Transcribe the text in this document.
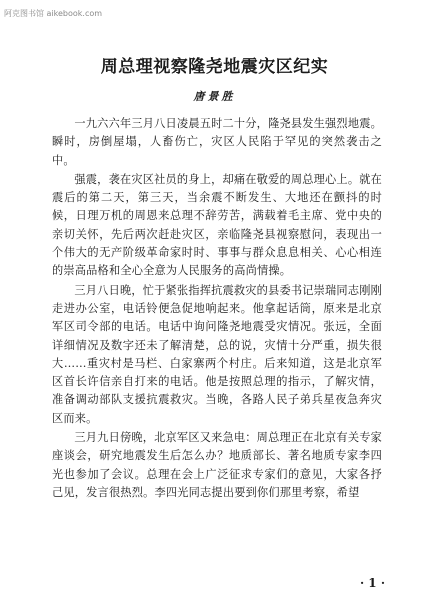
阿克图书馆 aikebook.com
周总理视察隆尧地震灾区纪实
唐景胜

一九六六年三月八日凌晨五时二十分，隆尧县发生强烈地震。瞬时，房倒屋塌，人畜伤亡，灾区人民陷于罕见的突然袭击之中。

强震，袭在灾区社员的身上，却痛在敬爱的周总理心上。就在震后的第二天，第三天，当余震不断发生、大地还在颤抖的时候，日理万机的周恩来总理不辞劳苦，满载着毛主席、党中央的亲切关怀，先后两次赶赴灾区，亲临隆尧县视察慰问，表现出一个伟大的无产阶级革命家时时、事事与群众息息相关、心心相连的崇高品格和全心全意为人民服务的高尚情操。

三月八日晚，忙于紧张指挥抗震救灾的县委书记崇瑞同志刚刚走进办公室，电话铃便急促地响起来。他拿起话筒，原来是北京军区司令部的电话。电话中询问隆尧地震受灾情况。张远，全面详细情况及数字还未了解清楚，总的说，灾情十分严重，损失很大……重灾村是马栏、白家寨两个村庄。后来知道，这是北京军区首长许信亲自打来的电话。他是按照总理的指示，了解灾情，准备调动部队支援抗震救灾。当晚，各路人民子弟兵星夜急奔灾区而来。

三月九日傍晚，北京军区又来急电：周总理正在北京有关专家座谈会，研究地震发生后怎么办？地质部长、著名地质专家李四光也参加了会议。总理在会上广泛征求专家们的意见，大家各抒己见，发言很热烈。李四光同志提出要到你们那里考察，希望

· 1 ·
